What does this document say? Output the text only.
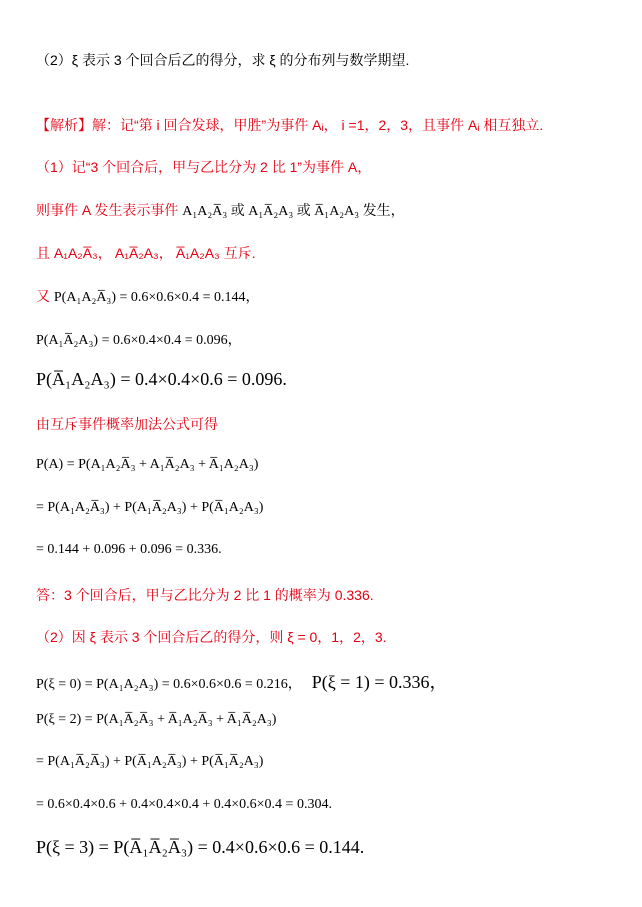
（2）ξ 表示 3 个回合后乙的得分，求 ξ 的分布列与数学期望.
【解析】解：记“第 i 回合发球，甲胜”为事件 Aᵢ， i =1，2，3，且事件 Aᵢ 相互独立.
（1）记“3 个回合后，甲与乙比分为 2 比 1”为事件 A，
则事件 A 发生表示事件 A₁A₂A̅₃ 或 A₁A̅₂A₃ 或 A̅₁A₂A₃ 发生，
且 A₁A₂A̅₃， A₁A̅₂A₃， A̅₁A₂A₃ 互斥.
又 P(A₁A₂A̅₃) = 0.6×0.6×0.4 = 0.144，
P(A₁A̅₂A₃) = 0.6×0.4×0.4 = 0.096，
P(A̅₁A₂A₃) = 0.4×0.4×0.6 = 0.096.
由互斥事件概率加法公式可得
P(A) = P(A₁A₂A̅₃ + A₁A̅₂A₃ + A̅₁A₂A₃)
= P(A₁A₂A̅₃) + P(A₁A̅₂A₃) + P(A̅₁A₂A₃)
= 0.144 + 0.096 + 0.096 = 0.336.
答：3 个回合后，甲与乙比分为 2 比 1 的概率为 0.336.
（2）因 ξ 表示 3 个回合后乙的得分，则 ξ = 0，1，2，3.
P(ξ = 0) = P(A₁A₂A₃) = 0.6×0.6×0.6 = 0.216， P(ξ = 1) = 0.336，
P(ξ = 2) = P(A₁A̅₂A̅₃ + A̅₁A₂A̅₃ + A̅₁A̅₂A₃)
= P(A₁A̅₂A̅₃) + P(A̅₁A₂A̅₃) + P(A̅₁A̅₂A₃)
= 0.6×0.4×0.6 + 0.4×0.4×0.4 + 0.4×0.6×0.4 = 0.304.
P(ξ = 3) = P(A̅₁A̅₂A̅₃) = 0.4×0.6×0.6 = 0.144.
